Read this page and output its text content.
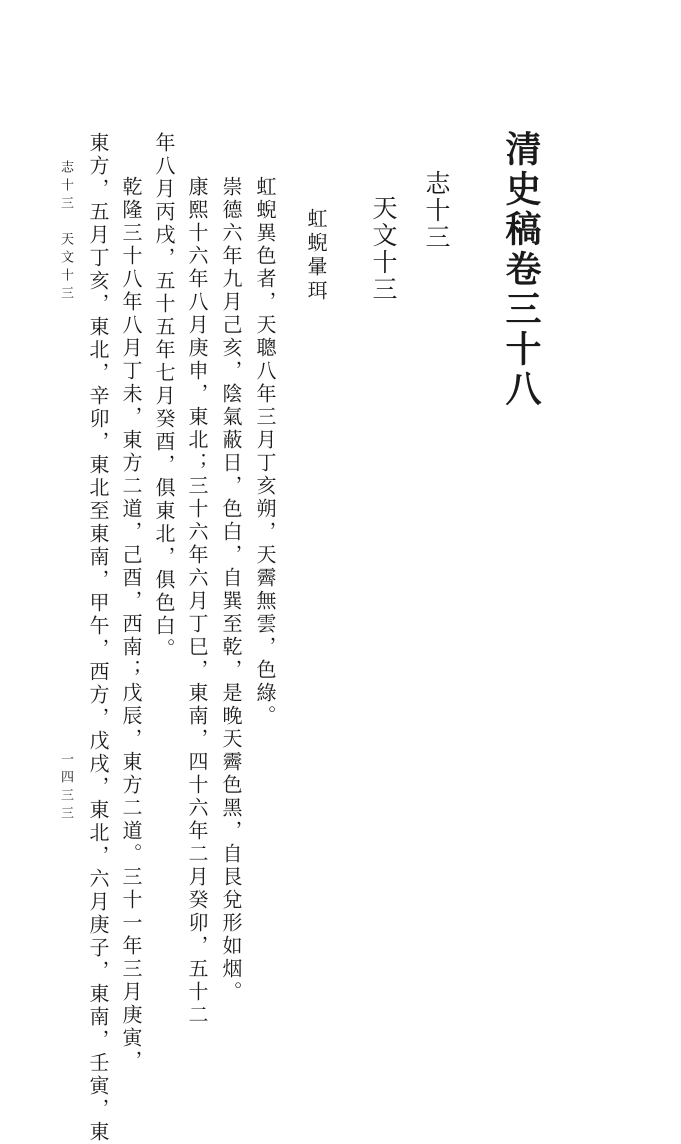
清史稿卷三十八
志十三
天文十三
虹蜺暈珥
虹蜺異色者，天聰八年三月丁亥朔，天霽無雲，色綠。
崇德六年九月己亥，陰氣蔽日，色白，自巽至乾，是晚天霽色黑，自艮兌形如烟。
康熙十六年八月庚申，東北；三十六年六月丁巳，東南，四十六年二月癸卯，五十二
年八月丙戌，五十五年七月癸酉，俱東北，俱色白。
乾隆三十八年八月丁未，東方二道，己酉，西南；戊辰，東方二道。三十一年三月庚寅，
東方，五月丁亥，東北，辛卯，東北至東南，甲午，西方，戊戌，東北，六月庚子，東南，壬寅，東
志十三　天文十三
一四三三
